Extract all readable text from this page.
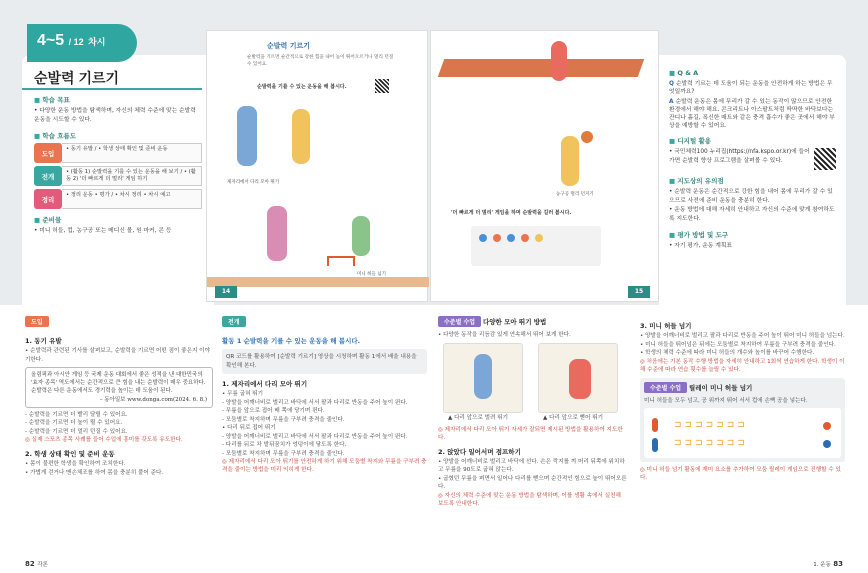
■ 학습 목표
• 다양한 운동 방법을 탐색하며, 자신의 체력 수준에 맞는 순발력 운동을 시도할 수 있다.
■ 학습 흐름도
도입
• 동기 유발 / • 학생 상태 확인 및 준비 운동
전개
• (활동 1) 순발력을 기를 수 있는 운동을 해 보기 / • (활동 2) '더 빠르게 더 멀리' 게임 하기
정리
• 정리 운동 • 평가 / • 차시 정리 • 차시 예고
■ 준비물
• 미니 허들, 컵, 농구공 또는 메디신 볼, 원 마커, 콘 등
순발력 기르기
4~5 / 12 차시	순발력 기르기
순발력을 기르면 순간적으로 강한 힘을 내어 높이 뛰어오르거나 멀리 던질 수 있어요.
순발력을 기를 수 있는 운동을 해 봅시다.
제자리에서 다리 모아 뛰기
미니 허들 넘기
14
농구공 멀리 던지기
'더 빠르게 더 멀리' 게임을 하며 순발력을 길러 봅시다.
15
■ Q & A
Q 순발력 기르는 데 도움이 되는 운동을 안전하게 하는 방법은 무엇일까요?
A 순발력 운동은 몸에 무리가 갈 수 있는 동작이 많으므로 안전한 환경에서 해야 해요. 콘크리트나 아스팔트처럼 딱딱한 바닥보다는 잔디나 흙길, 폭신한 매트와 같은 충격 흡수가 좋은 곳에서 해야 부상을 예방할 수 있어요.
■ 디지털 활용
• 국민체력100 누리집(https://nfa.kspo.or.kr)에 들어가면 순발력 향상 프로그램을 살펴볼 수 있다.
■ 지도상의 유의점
• 순발력 운동은 순간적으로 강한 힘을 내어 몸에 무리가 갈 수 있으므로 사전에 준비 운동을 충분히 한다.
• 운동 방법에 대해 자세히 안내하고 자신의 수준에 맞게 참여하도록 지도한다.
■ 평가 방법 및 도구
• 자기 평가, 운동 계획표
도입
1. 동기 유발
• 순발력과 관련된 기사를 살펴보고, 순발력을 기르면 어떤 점이 좋은지 이야기한다.
올림픽과 아시안 게임 등 국제 운동 대회에서 좋은 성적을 낸 대한민국의 '효자 종목' 역도에서는 순간적으로 큰 힘을 내는 순발력이 매우 중요하다. 순발력은 다른 운동에서도 경기력을 높이는 데 도움이 된다.
– 동아일보 www.donga.com(2024. 6. 8.)
- 순발력을 기르면 더 빨리 달릴 수 있어요.
- 순발력을 기르면 더 높이 뛸 수 있어요.
- 순발력을 기르면 더 멀리 던질 수 있어요.
◎ 실제 스포츠 종목 사례를 들어 수업에 흥미를 갖도록 유도한다.
2. 학생 상태 확인 및 준비 운동
• 몸이 불편한 학생을 확인하여 조치한다.
• 가볍게 걷거나 맨손체조를 하여 몸을 충분히 풀어 준다.
82 각론
전개
활동 1 순발력을 기를 수 있는 운동을 해 봅시다.
QR 코드를 활용하여 [순발력 기르기] 영상을 시청하며 활동 1에서 배울 내용을 확인해 본다.
1. 제자리에서 다리 모아 뛰기
• 무릎 굽혀 뛰기
- 양발을 어깨너비로 벌리고 바닥에 서서 팔과 다리로 반동을 주어 높이 뛴다.
- 무릎을 앞으로 접어 배 쪽에 당기며 뛴다.
- 모둠별로 착지하며 무릎을 구부려 충격을 줄인다.
• 다리 뒤로 접어 뛰기
- 양발을 어깨너비로 벌리고 바닥에 서서 팔과 다리로 반동을 주어 높이 뛴다.
- 다리를 뒤로 차 발뒤꿈치가 엉덩이에 닿도록 한다.
- 모둠별로 착지하며 무릎을 구부려 충격을 줄인다.
◎ 제자리에서 다리 모아 뛰기를 안전하게 하기 위해 모둠별 착지와 무릎을 구부려 충격을 줄이는 방법을 미리 익히게 한다.
수준별 수업 다양한 모아 뛰기 방법
• 다양한 동작을 리듬감 있게 연속해서 뛰어 보게 한다.
▲ 다리 앞으로 벌려 뛰기	▲ 다리 앞으로 뻗어 뛰기
◎ 제자리에서 다리 모아 뛰기 자세가 잘되면 제시된 방법을 활용하여 지도한다.
2. 앉았다 일어서며 점프하기
• 양발을 어깨너비로 벌리고 바닥에 선다. 손은 깍지를 껴 머리 뒤쪽에 위치하고 무릎을 90도로 굽혀 앉는다.
• 굽혔던 무릎을 펴면서 일어나 다리를 뻗으며 순간적인 힘으로 높이 뛰어오른다.
◎ 자신의 체력 수준에 맞는 운동 방법을 탐색하며, 이를 생활 속에서 실천해 보도록 안내한다.
3. 미니 허들 넘기
• 양발을 어깨너비로 벌리고 팔과 다리로 반동을 주어 높이 뛰어 미니 허들을 넘는다.
• 미니 허들을 뛰어넘은 뒤에는 모둠별로 착지하여 무릎을 구부려 충격을 줄인다.
• 학생의 체력 수준에 따라 미니 허들의 개수와 높이를 바꾸어 수행한다.
◎ 처음에는 기본 동작 수행 방법을 자세히 안내하고 1회씩 연습하게 한다. 학생이 이해 수준에 따라 연습 횟수를 늘릴 수 있다.
수준별 수업 릴레이 미니 허들 넘기
미니 허들을 모두 넘고, 공 위까지 뛰어 서서 컵에 손뼉 공을 넣는다.
⊐⊐⊐⊐⊐⊐⊐
⊐⊐⊐⊐⊐⊐⊐
◎ 미니 허들 넘기 활동에 재미 요소를 추가하여 모둠 릴레이 게임으로 진행할 수 있다.
1. 운동 83
